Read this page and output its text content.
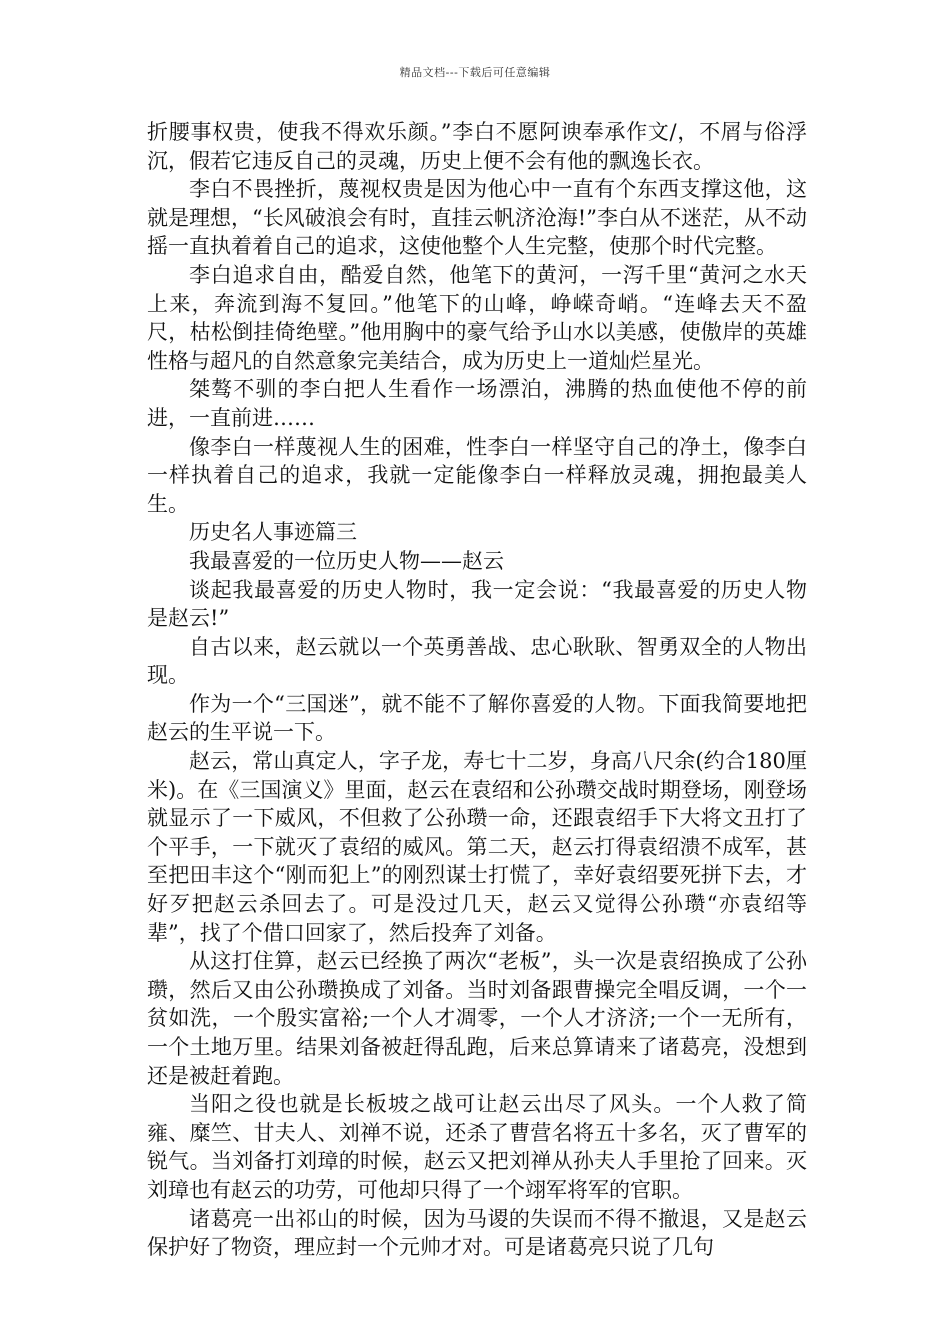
精品文档---下载后可任意编辑

折腰事权贵，使我不得欢乐颜。”李白不愿阿谀奉承作文/，不屑与俗浮沉，假若它违反自己的灵魂，历史上便不会有他的飘逸长衣。

李白不畏挫折，蔑视权贵是因为他心中一直有个东西支撑这他，这就是理想，“长风破浪会有时，直挂云帆济沧海!”李白从不迷茫，从不动摇一直执着着自己的追求，这使他整个人生完整，使那个时代完整。

李白追求自由，酷爱自然，他笔下的黄河，一泻千里“黄河之水天上来，奔流到海不复回。”他笔下的山峰，峥嵘奇峭。“连峰去天不盈尺，枯松倒挂倚绝壁。”他用胸中的豪气给予山水以美感，使傲岸的英雄性格与超凡的自然意象完美结合，成为历史上一道灿烂星光。

桀骜不驯的李白把人生看作一场漂泊，沸腾的热血使他不停的前进，一直前进……

像李白一样蔑视人生的困难，性李白一样坚守自己的净土，像李白一样执着自己的追求，我就一定能像李白一样释放灵魂，拥抱最美人生。

历史名人事迹篇三

我最喜爱的一位历史人物——赵云

谈起我最喜爱的历史人物时，我一定会说：“我最喜爱的历史人物是赵云!”

自古以来，赵云就以一个英勇善战、忠心耿耿、智勇双全的人物出现。

作为一个“三国迷”，就不能不了解你喜爱的人物。下面我简要地把赵云的生平说一下。

赵云，常山真定人，字子龙，寿七十二岁，身高八尺余(约合180厘米)。在《三国演义》里面，赵云在袁绍和公孙瓒交战时期登场，刚登场就显示了一下威风，不但救了公孙瓒一命，还跟袁绍手下大将文丑打了个平手，一下就灭了袁绍的威风。第二天，赵云打得袁绍溃不成军，甚至把田丰这个“刚而犯上”的刚烈谋士打慌了，幸好袁绍要死拼下去，才好歹把赵云杀回去了。可是没过几天，赵云又觉得公孙瓒“亦袁绍等辈”，找了个借口回家了，然后投奔了刘备。

从这打住算，赵云已经换了两次“老板”，头一次是袁绍换成了公孙瓒，然后又由公孙瓒换成了刘备。当时刘备跟曹操完全唱反调，一个一贫如洗，一个殷实富裕;一个人才凋零，一个人才济济;一个一无所有，一个土地万里。结果刘备被赶得乱跑，后来总算请来了诸葛亮，没想到还是被赶着跑。

当阳之役也就是长板坡之战可让赵云出尽了风头。一个人救了简雍、糜竺、甘夫人、刘禅不说，还杀了曹营名将五十多名，灭了曹军的锐气。当刘备打刘璋的时候，赵云又把刘禅从孙夫人手里抢了回来。灭刘璋也有赵云的功劳，可他却只得了一个翊军将军的官职。

诸葛亮一出祁山的时候，因为马谡的失误而不得不撤退，又是赵云保护好了物资，理应封一个元帅才对。可是诸葛亮只说了几句
